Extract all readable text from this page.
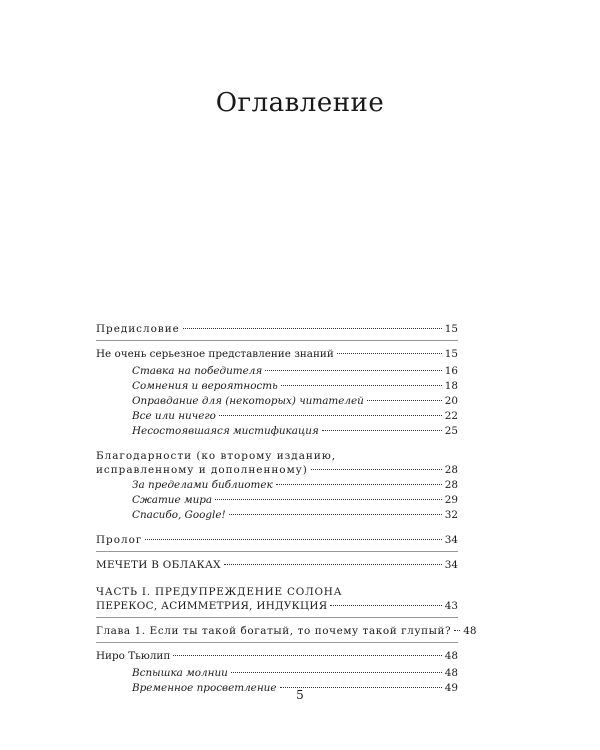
Оглавление
Предисловие	15
Не очень серьезное представление знаний	15
Ставка на победителя	16
Сомнения и вероятность	18
Оправдание для (некоторых) читателей	20
Все или ничего	22
Несостоявшаяся мистификация	25
Благодарности (ко второму изданию,
исправленному и дополненному)	28
За пределами библиотек	28
Сжатие мира	29
Спасибо, Google!	32
Пролог	34
МЕЧЕТИ В ОБЛАКАХ	34
ЧАСТЬ I. ПРЕДУПРЕЖДЕНИЕ СОЛОНА
ПЕРЕКОС, АСИММЕТРИЯ, ИНДУКЦИЯ	43
Глава 1. Если ты такой богатый, то почему такой глупый? 48
Ниро Тьюлип	48
Вспышка молнии	48
Временное просветление	49
5
